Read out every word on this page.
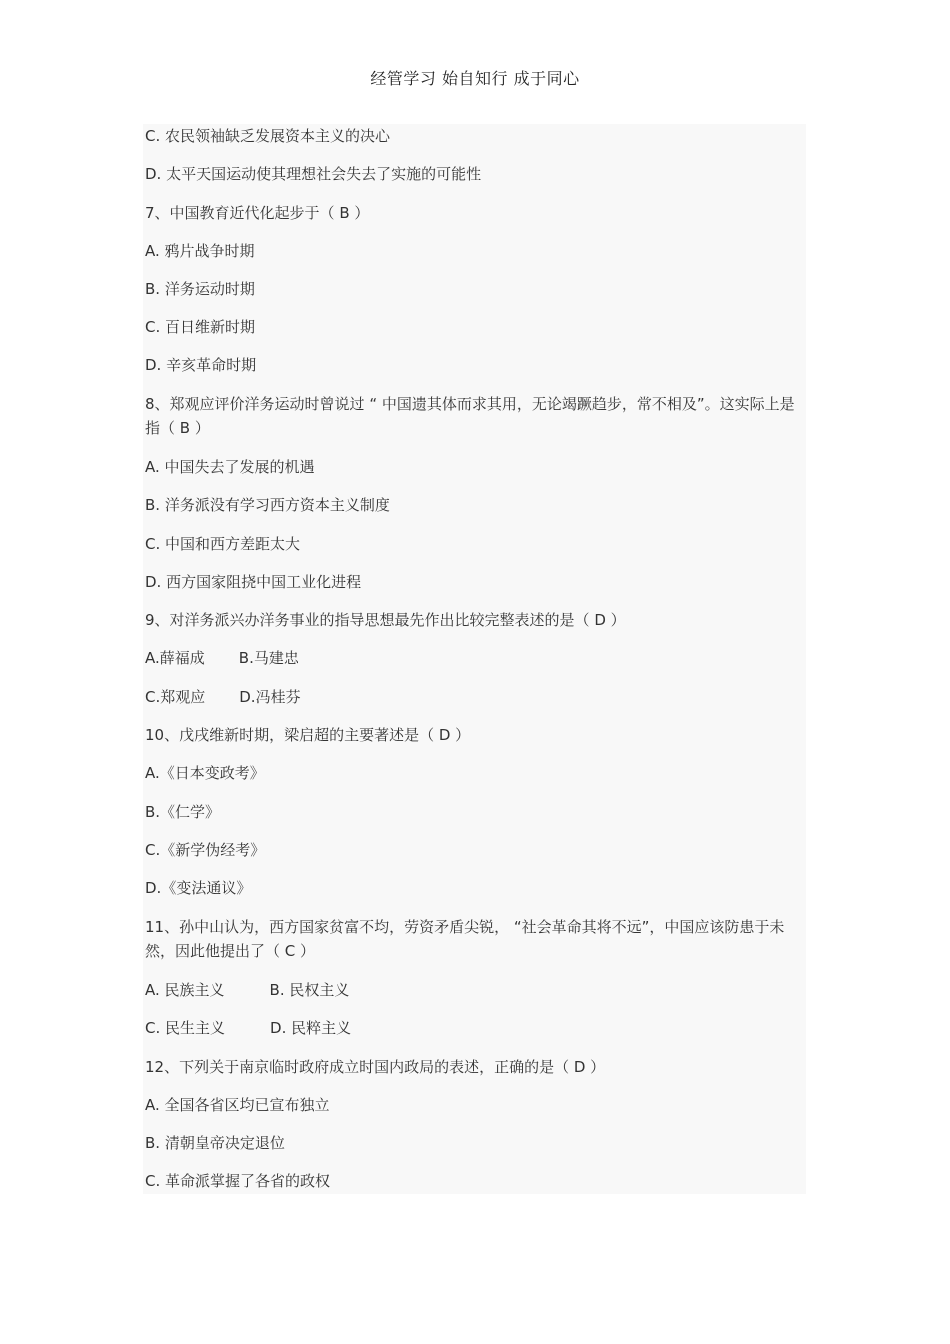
经管学习 始自知行 成于同心
C. 农民领袖缺乏发展资本主义的决心
D. 太平天国运动使其理想社会失去了实施的可能性
7、中国教育近代化起步于（ B ）
A. 鸦片战争时期
B. 洋务运动时期
C. 百日维新时期
D. 辛亥革命时期
8、郑观应评价洋务运动时曾说过 “ 中国遗其体而求其用，无论竭蹶趋步，常不相及”。这实际上是指（ B ）
A. 中国失去了发展的机遇
B. 洋务派没有学习西方资本主义制度
C. 中国和西方差距太大
D. 西方国家阻挠中国工业化进程
9、对洋务派兴办洋务事业的指导思想最先作出比较完整表述的是（ D ）
A.薛福成 B.马建忠
C.郑观应 D.冯桂芬
10、戊戌维新时期，梁启超的主要著述是（ D ）
A.《日本变政考》
B.《仁学》
C.《新学伪经考》
D.《变法通议》
11、孙中山认为，西方国家贫富不均，劳资矛盾尖锐， “社会革命其将不远”，中国应该防患于未然，因此他提出了（ C ）
A. 民族主义	B. 民权主义
C. 民生主义	D. 民粹主义
12、下列关于南京临时政府成立时国内政局的表述，正确的是（ D ）
A. 全国各省区均已宣布独立
B. 清朝皇帝决定退位
C. 革命派掌握了各省的政权
